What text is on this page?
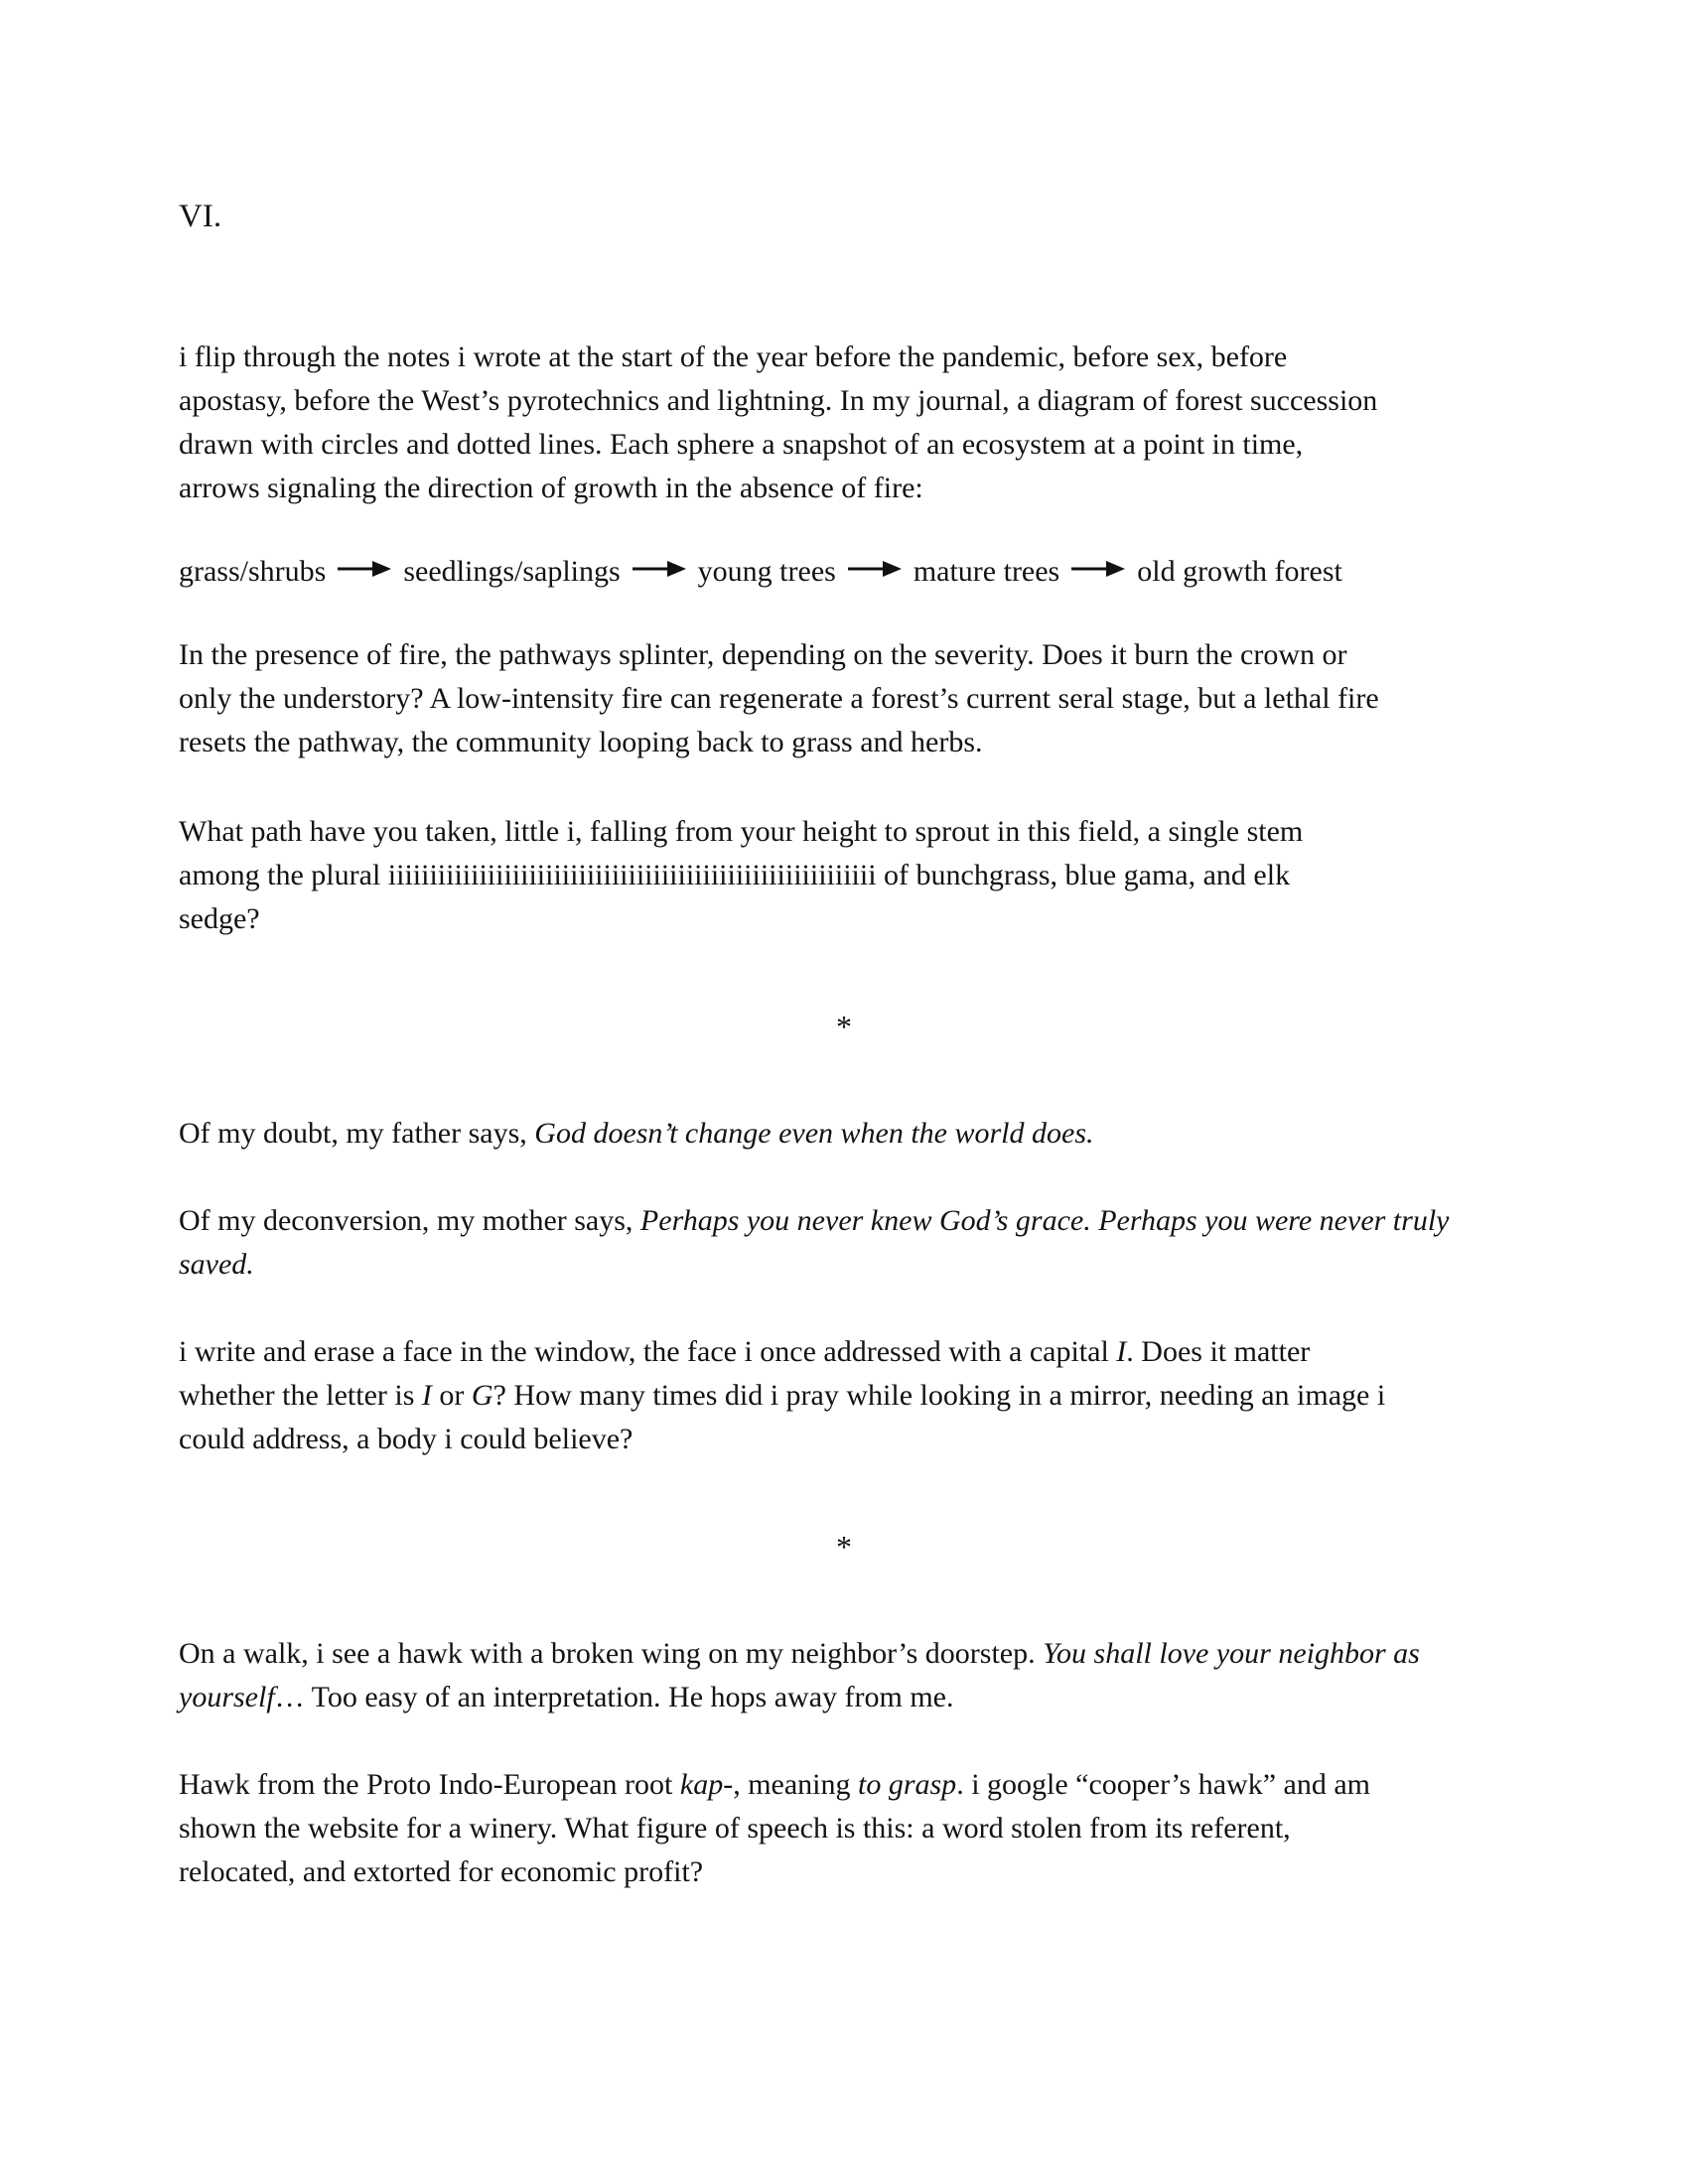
VI.

i flip through the notes i wrote at the start of the year before the pandemic, before sex, before
apostasy, before the West’s pyrotechnics and lightning. In my journal, a diagram of forest succession
drawn with circles and dotted lines. Each sphere a snapshot of an ecosystem at a point in time,
arrows signaling the direction of growth in the absence of fire:

grass/shrubs	seedlings/saplings	young trees	mature trees	old growth forest

In the presence of fire, the pathways splinter, depending on the severity. Does it burn the crown or
only the understory? A low-intensity fire can regenerate a forest’s current seral stage, but a lethal fire
resets the pathway, the community looping back to grass and herbs.

What path have you taken, little i, falling from your height to sprout in this field, a single stem
among the plural iiiiiiiiiiiiiiiiiiiiiiiiiiiiiiiiiiiiiiiiiiiiiiiiiiiiiiiiiii of bunchgrass, blue gama, and elk
sedge?

*

Of my doubt, my father says, God doesn’t change even when the world does.

Of my deconversion, my mother says, Perhaps you never knew God’s grace. Perhaps you were never truly
saved.

i write and erase a face in the window, the face i once addressed with a capital I. Does it matter
whether the letter is I or G? How many times did i pray while looking in a mirror, needing an image i
could address, a body i could believe?

*

On a walk, i see a hawk with a broken wing on my neighbor’s doorstep. You shall love your neighbor as
yourself… Too easy of an interpretation. He hops away from me.

Hawk from the Proto Indo-European root kap-, meaning to grasp. i google “cooper’s hawk” and am
shown the website for a winery. What figure of speech is this: a word stolen from its referent,
relocated, and extorted for economic profit?
